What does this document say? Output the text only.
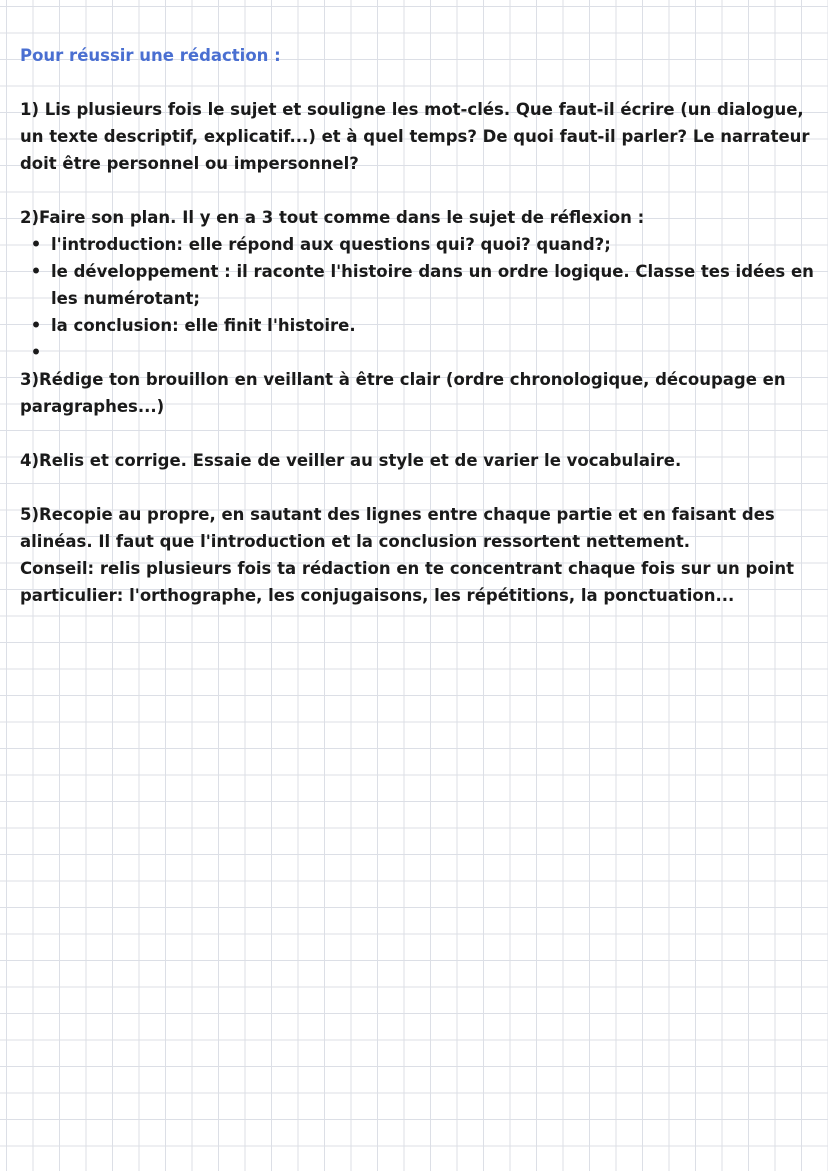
Pour réussir une rédaction :

1) Lis plusieurs fois le sujet et souligne les mot-clés. Que faut-il écrire (un dialogue, un texte descriptif, explicatif...) et à quel temps? De quoi faut-il parler? Le narrateur doit être personnel ou impersonnel?

2)Faire son plan. Il y en a 3 tout comme dans le sujet de réflexion :

• l'introduction: elle répond aux questions qui? quoi? quand?;
• le développement : il raconte l'histoire dans un ordre logique. Classe tes idées en les numérotant;
• la conclusion: elle finit l'histoire.
•

3)Rédige ton brouillon en veillant à être clair (ordre chronologique, découpage en paragraphes...)

4)Relis et corrige. Essaie de veiller au style et de varier le vocabulaire.

5)Recopie au propre, en sautant des lignes entre chaque partie et en faisant des alinéas. Il faut que l'introduction et la conclusion ressortent nettement.

Conseil: relis plusieurs fois ta rédaction en te concentrant chaque fois sur un point particulier: l'orthographe, les conjugaisons, les répétitions, la ponctuation...
